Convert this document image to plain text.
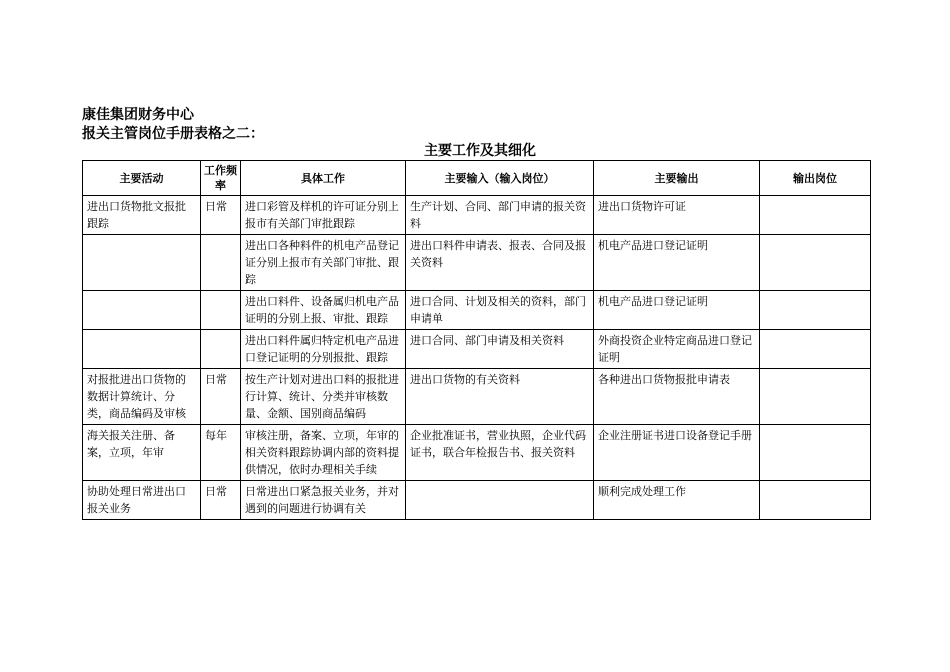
康佳集团财务中心
报关主管岗位手册表格之二：
主要工作及其细化
主要活动	工作频率	具体工作	主要输入（输入岗位）	主要输出	输出岗位
进出口货物批文报批跟踪	日常	进口彩管及样机的许可证分别上报市有关部门审批跟踪	生产计划、合同、部门申请的报关资料	进出口货物许可证	
		进出口各种料件的机电产品登记证分别上报市有关部门审批、跟踪	进出口料件申请表、报表、合同及报关资料	机电产品进口登记证明	
		进出口料件、设备属归机电产品证明的分别上报、审批、跟踪	进口合同、计划及相关的资料，部门申请单	机电产品进口登记证明	
		进出口料件属归特定机电产品进口登记证明的分别报批、跟踪	进口合同、部门申请及相关资料	外商投资企业特定商品进口登记证明	
对报批进出口货物的数据计算统计、分类，商品编码及审核	日常	按生产计划对进出口料的报批进行计算、统计、分类并审核数量、金额、国别商品编码	进出口货物的有关资料	各种进出口货物报批申请表	
海关报关注册、备案，立项，年审	每年	审核注册，备案、立项，年审的相关资料跟踪协调内部的资料提供情况，依时办理相关手续	企业批准证书，营业执照，企业代码证书，联合年检报告书、报关资料	企业注册证书进口设备登记手册	
协助处理日常进出口报关业务	日常	日常进出口紧急报关业务，并对遇到的问题进行协调有关		顺利完成处理工作	
